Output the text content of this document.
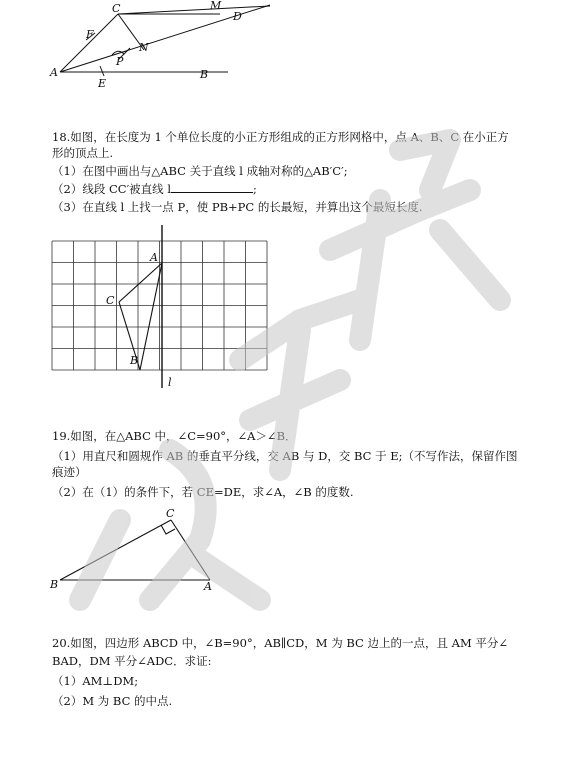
C	M
D
F
N
P
A
E
B
18.如图，在长度为 1 个单位长度的小正方形组成的正方形网格中，点 A、B、C 在小正方
形的顶点上.
（1）在图中画出与△ABC 关于直线 l 成轴对称的△AB′C′;
（2）线段 CC′被直线 l	;
（3）在直线 l 上找一点 P，使 PB+PC 的长最短，并算出这个最短长度.
A
C
B
l
19.如图，在△ABC 中，∠C=90°，∠A＞∠B．
（1）用直尺和圆规作 AB 的垂直平分线，交 AB 与 D，交 BC 于 E;（不写作法，保留作图
痕迹）
（2）在（1）的条件下，若 CE=DE，求∠A，∠B 的度数.
C
B	A
20.如图，四边形 ABCD 中，∠B=90°，AB∥CD，M 为 BC 边上的一点，且 AM 平分∠
BAD，DM 平分∠ADC．求证:
（1）AM⊥DM;
（2）M 为 BC 的中点.
